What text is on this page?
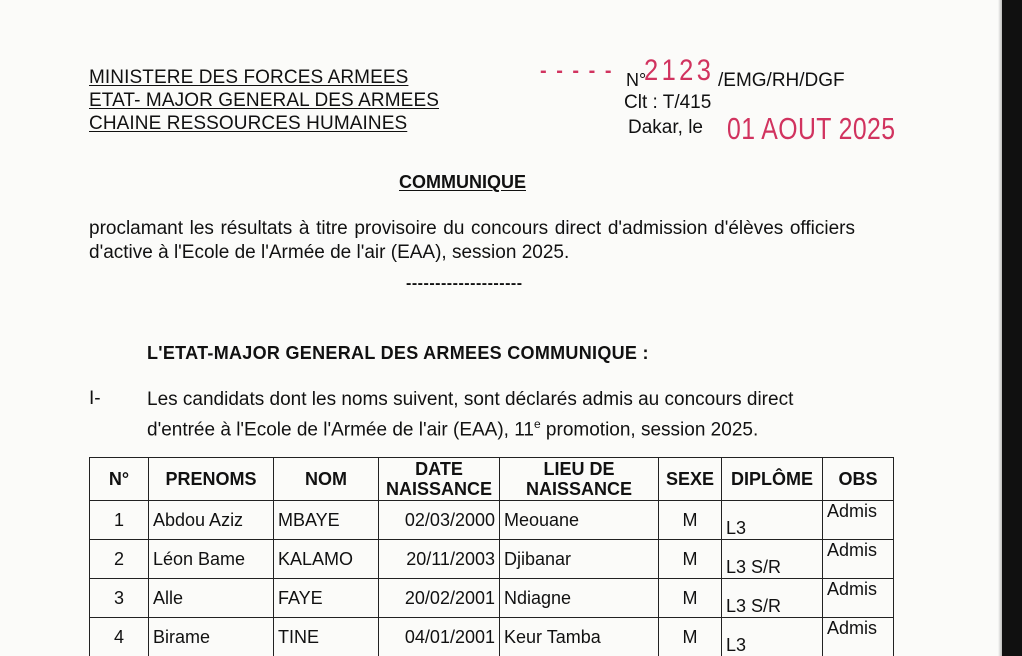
MINISTERE DES FORCES ARMEES
ETAT- MAJOR GENERAL DES ARMEES
CHAINE RESSOURCES HUMAINES
- - - - - N°
2123 /EMG/RH/DGF
Clt : T/415
Dakar, le 01 AOUT 2025
COMMUNIQUE
proclamant les résultats à titre provisoire du concours direct d'admission d'élèves officiers d'active à l'Ecole de l'Armée de l'air (EAA), session 2025.
--------------------
L'ETAT-MAJOR GENERAL DES ARMEES COMMUNIQUE :
I- Les candidats dont les noms suivent, sont déclarés admis au concours direct d'entrée à l'Ecole de l'Armée de l'air (EAA), 11e promotion, session 2025.
N°	PRENOMS	NOM	DATE NAISSANCE	LIEU DE NAISSANCE	SEXE	DIPLÔME	OBS
1	Abdou Aziz	MBAYE	02/03/2000	Meouane	M	L3	Admis
2	Léon Bame	KALAMO	20/11/2003	Djibanar	M	L3 S/R	Admis
3	Alle	FAYE	20/02/2001	Ndiagne	M	L3 S/R	Admis
4	Birame	TINE	04/01/2001	Keur Tamba	M	L3	Admis
